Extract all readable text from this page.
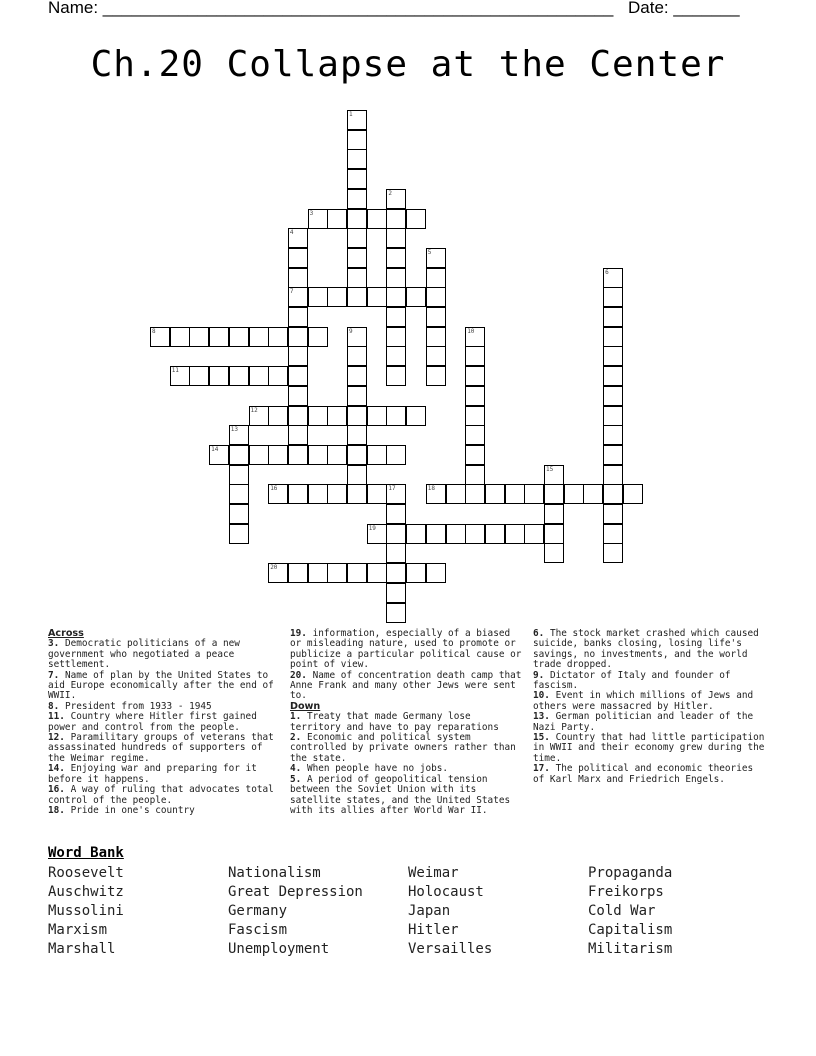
Name: ______________________________________________________ Date: _______
Ch.20 Collapse at the Center
1
2
3
4
7
5
6
8	9	10
11
12
13
14
15
16	17	18
19
20
Across
3. Democratic politicians of a new government who negotiated a peace settlement.
7. Name of plan by the United States to aid Europe economically after the end of WWII.
8. President from 1933 - 1945
11. Country where Hitler first gained power and control from the people.
12. Paramilitary groups of veterans that assassinated hundreds of supporters of the Weimar regime.
14. Enjoying war and preparing for it before it happens.
16. A way of ruling that advocates total control of the people.
18. Pride in one's country
19. information, especially of a biased or misleading nature, used to promote or publicize a particular political cause or point of view.
20. Name of concentration death camp that Anne Frank and many other Jews were sent to.
Down
1. Treaty that made Germany lose territory and have to pay reparations
2. Economic and political system controlled by private owners rather than the state.
4. When people have no jobs.
5. A period of geopolitical tension between the Soviet Union with its satellite states, and the United States with its allies after World War II.
6. The stock market crashed which caused suicide, banks closing, losing life's savings, no investments, and the world trade dropped.
9. Dictator of Italy and founder of fascism.
10. Event in which millions of Jews and others were massacred by Hitler.
13. German politician and leader of the Nazi Party.
15. Country that had little participation in WWII and their economy grew during the time.
17. The political and economic theories of Karl Marx and Friedrich Engels.
Word Bank
Roosevelt
Auschwitz
Mussolini
Marxism
Marshall
Nationalism
Great Depression
Germany
Fascism
Unemployment
Weimar
Holocaust
Japan
Hitler
Versailles
Propaganda
Freikorps
Cold War
Capitalism
Militarism
